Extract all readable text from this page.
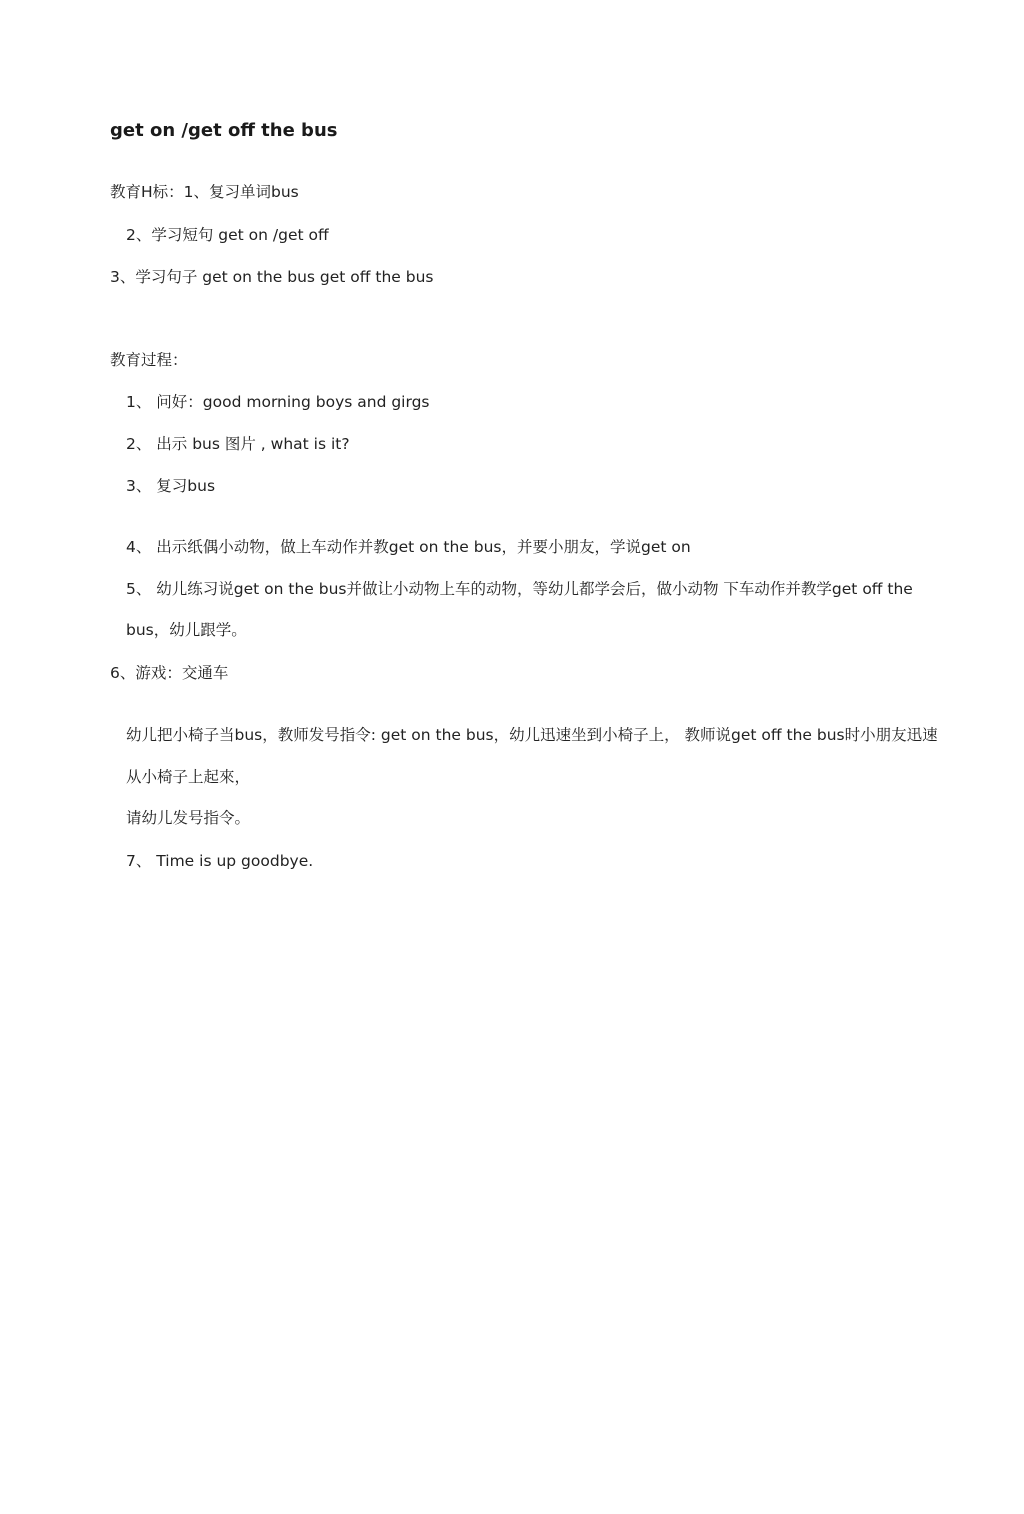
get on /get off the bus
教育H标：1、复习单词bus
2、学习短句 get on /get off
3、学习句子 get on the bus get off the bus
教育过程：
1、 问好：good morning boys and girgs
2、 出示 bus 图片 , what is it?
3、 复习bus
4、 出示纸偶小动物，做上车动作并教get on the bus，并要小朋友，学说get on
5、 幼儿练习说get on the bus并做让小动物上车的动物，等幼儿都学会后，做小动物 下车动作并教学get off the
bus，幼儿跟学。
6、游戏：交通车
幼儿把小椅子当bus，教师发号指令: get on the bus，幼儿迅速坐到小椅子上， 教师说get off the bus时小朋友迅速
从小椅子上起來，
请幼儿发号指令。
7、 Time is up goodbye.
